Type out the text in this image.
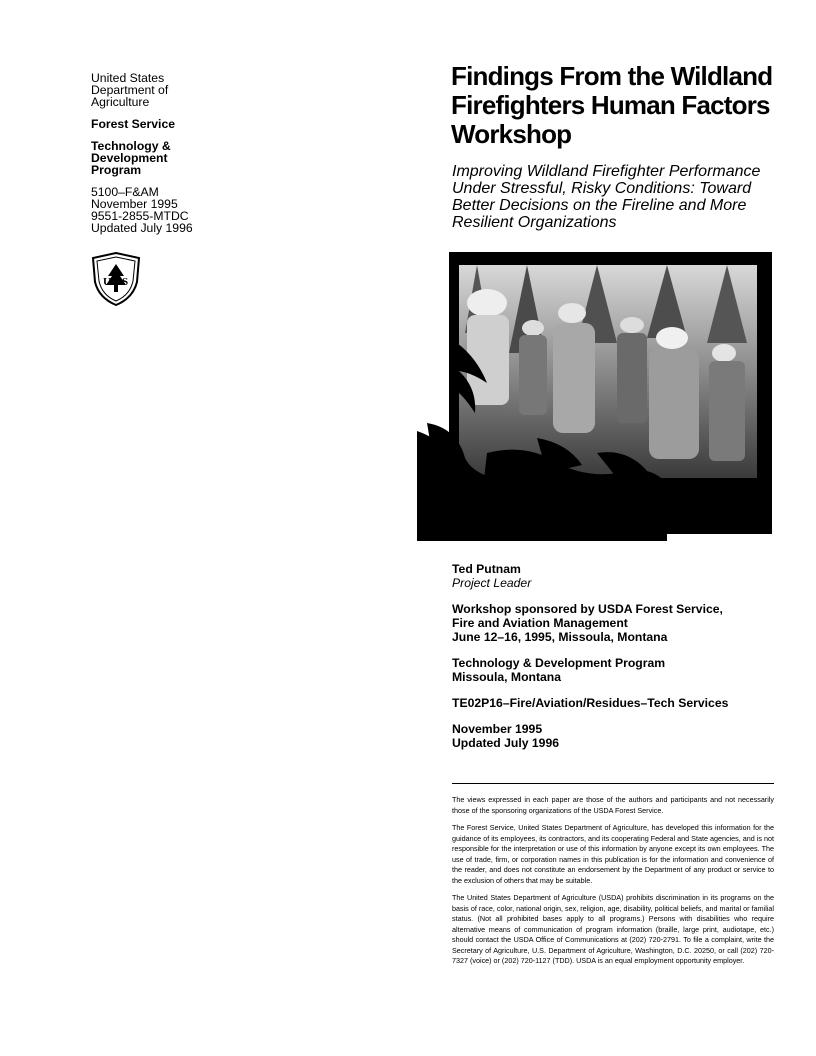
United States
Department of
Agriculture
Forest Service
Technology &
Development
Program
5100–F&AM
November 1995
9551-2855-MTDC
Updated July 1996
U S
Findings From the Wildland
Firefighters Human Factors
Workshop
Improving Wildland Firefighter Performance
Under Stressful, Risky Conditions: Toward
Better Decisions on the Fireline and More
Resilient Organizations
Ted Putnam
Project Leader
Workshop sponsored by USDA Forest Service,
Fire and Aviation Management
June 12–16, 1995, Missoula, Montana
Technology & Development Program
Missoula, Montana
TE02P16–Fire/Aviation/Residues–Tech Services
November 1995
Updated July 1996

The views expressed in each paper are those of the authors and participants and not necessarily those of the sponsoring organizations of the USDA Forest Service.

The Forest Service, United States Department of Agriculture, has developed this information for the guidance of its employees, its contractors, and its cooperating Federal and State agencies, and is not responsible for the interpretation or use of this information by anyone except its own employees. The use of trade, firm, or corporation names in this publication is for the information and convenience of the reader, and does not constitute an endorsement by the Department of any product or service to the exclusion of others that may be suitable.

The United States Department of Agriculture (USDA) prohibits discrimination in its programs on the basis of race, color, national origin, sex, religion, age, disability, political beliefs, and marital or familial status. (Not all prohibited bases apply to all programs.) Persons with disabilities who require alternative means of communication of program information (braille, large print, audiotape, etc.) should contact the USDA Office of Communications at (202) 720-2791. To file a complaint, write the Secretary of Agriculture, U.S. Department of Agriculture, Washington, D.C. 20250, or call (202) 720-7327 (voice) or (202) 720-1127 (TDD). USDA is an equal employment opportunity employer.
